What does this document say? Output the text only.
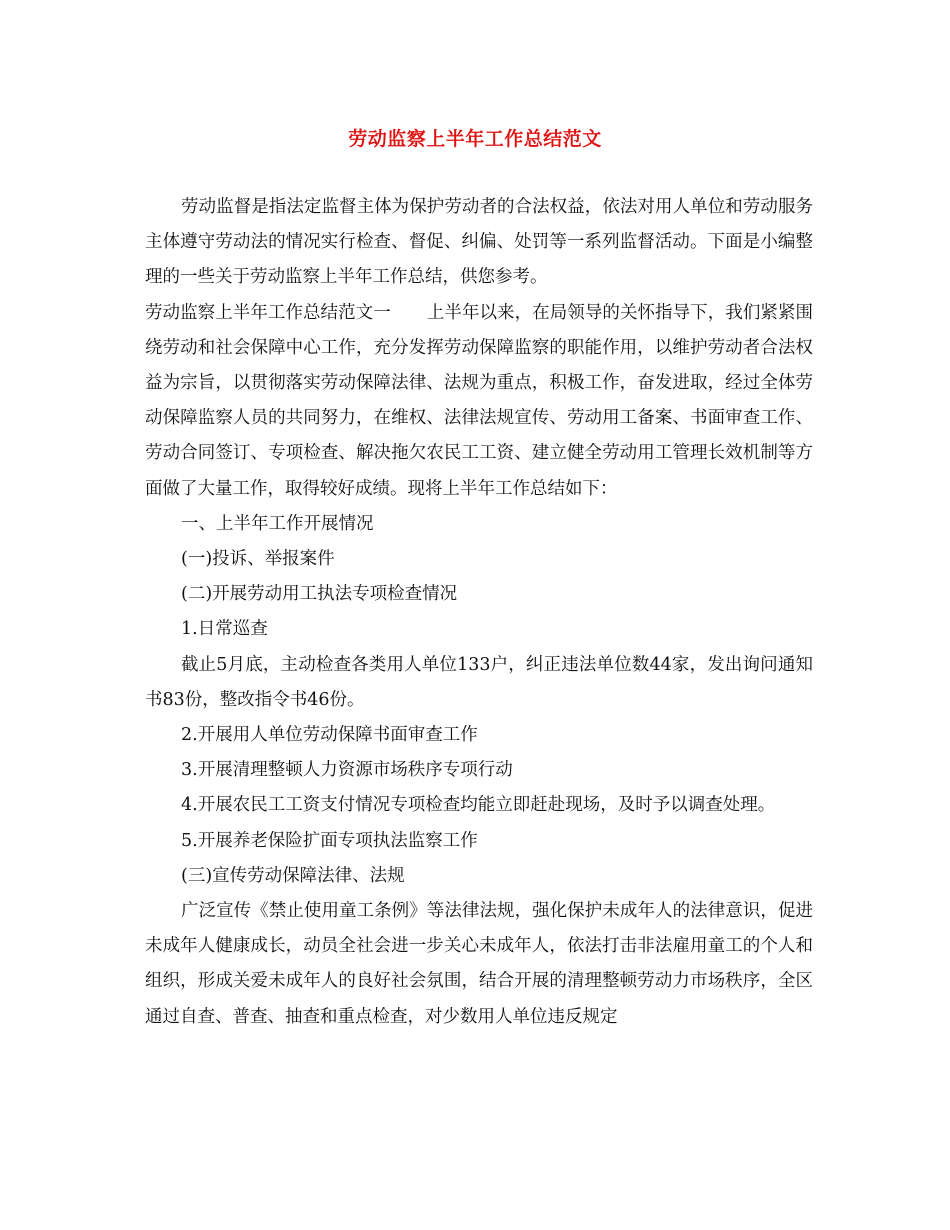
劳动监察上半年工作总结范文

劳动监督是指法定监督主体为保护劳动者的合法权益，依法对用人单位和劳动服务主体遵守劳动法的情况实行检查、督促、纠偏、处罚等一系列监督活动。下面是小编整理的一些关于劳动监察上半年工作总结，供您参考。

劳动监察上半年工作总结范文一 上半年以来，在局领导的关怀指导下，我们紧紧围绕劳动和社会保障中心工作，充分发挥劳动保障监察的职能作用，以维护劳动者合法权益为宗旨，以贯彻落实劳动保障法律、法规为重点，积极工作，奋发进取，经过全体劳动保障监察人员的共同努力，在维权、法律法规宣传、劳动用工备案、书面审查工作、劳动合同签订、专项检查、解决拖欠农民工工资、建立健全劳动用工管理长效机制等方面做了大量工作，取得较好成绩。现将上半年工作总结如下：

一、上半年工作开展情况

(一)投诉、举报案件

(二)开展劳动用工执法专项检查情况

1.日常巡查

截止5月底，主动检查各类用人单位133户，纠正违法单位数44家，发出询问通知书83份，整改指令书46份。

2.开展用人单位劳动保障书面审查工作

3.开展清理整顿人力资源市场秩序专项行动

4.开展农民工工资支付情况专项检查均能立即赶赴现场，及时予以调查处理。

5.开展养老保险扩面专项执法监察工作

(三)宣传劳动保障法律、法规

广泛宣传《禁止使用童工条例》等法律法规，强化保护未成年人的法律意识，促进未成年人健康成长，动员全社会进一步关心未成年人，依法打击非法雇用童工的个人和组织，形成关爱未成年人的良好社会氛围，结合开展的清理整顿劳动力市场秩序，全区通过自查、普查、抽查和重点检查，对少数用人单位违反规定
